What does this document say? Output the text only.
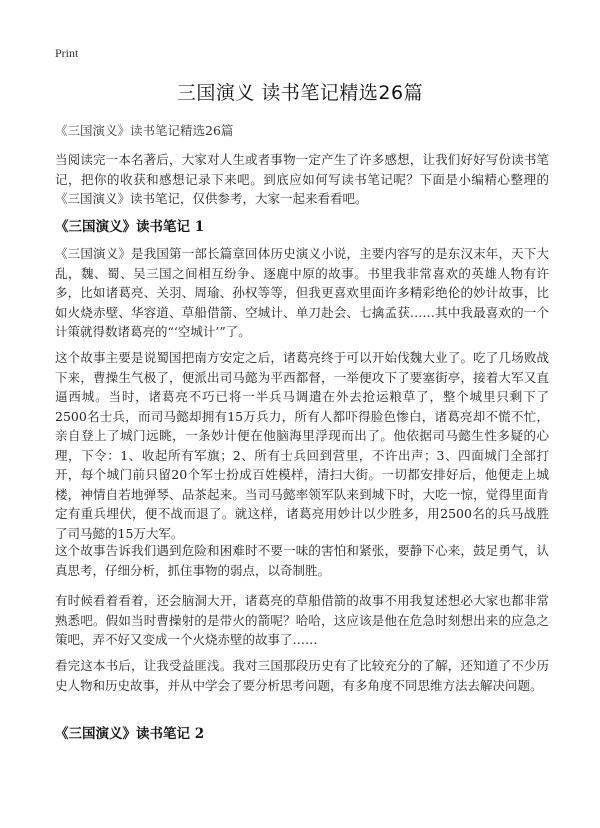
Print
三国演义 读书笔记精选26篇
《三国演义》读书笔记精选26篇

当阅读完一本名著后，大家对人生或者事物一定产生了许多感想，让我们好好写份读书笔记，把你的收获和感想记录下来吧。到底应如何写读书笔记呢？下面是小编精心整理的《三国演义》读书笔记，仅供参考，大家一起来看看吧。

《三国演义》读书笔记 1

《三国演义》是我国第一部长篇章回体历史演义小说，主要内容写的是东汉末年，天下大乱，魏、蜀、吴三国之间相互纷争、逐鹿中原的故事。书里我非常喜欢的英雄人物有许多，比如诸葛亮、关羽、周瑜、孙权等等，但我更喜欢里面许多精彩绝伦的妙计故事，比如火烧赤壁、华容道、草船借箭、空城计、单刀赴会、七擒孟获……其中我最喜欢的一个计策就得数诸葛亮的“‘空城计’”了。

这个故事主要是说蜀国把南方安定之后，诸葛亮终于可以开始伐魏大业了。吃了几场败战下来，曹操生气极了，便派出司马懿为平西都督，一举便攻下了要塞街亭，接着大军又直逼西城。当时，诸葛亮不巧已将一半兵马调遣在外去抢运粮草了，整个城里只剩下了2500名士兵，而司马懿却拥有15万兵力，所有人都吓得脸色惨白，诸葛亮却不慌不忙，亲自登上了城门远眺，一条妙计便在他脑海里浮现而出了。他依据司马懿生性多疑的心理，下令：1、收起所有军旗；2、所有士兵回到营里，不许出声；3、四面城门全部打开，每个城门前只留20个军士扮成百姓模样，清扫大街。一切都安排好后，他便走上城楼，神情自若地弹琴、品茶起来。当司马懿率领军队来到城下时，大吃一惊，觉得里面肯定有重兵埋伏，便不战而退了。就这样，诸葛亮用妙计以少胜多，用2500名的兵马战胜了司马懿的15万大军。

这个故事告诉我们遇到危险和困难时不要一味的害怕和紧张，要静下心来，鼓足勇气，认真思考，仔细分析，抓住事物的弱点，以奇制胜。

有时候看着看着，还会脑洞大开，诸葛亮的草船借箭的故事不用我复述想必大家也都非常熟悉吧。假如当时曹操射的是带火的箭呢？哈哈，这应该是他在危急时刻想出来的应急之策吧，弄不好又变成一个火烧赤壁的故事了……

看完这本书后，让我受益匪浅。我对三国那段历史有了比较充分的了解，还知道了不少历史人物和历史故事，并从中学会了要分析思考问题，有多角度不同思维方法去解决问题。

《三国演义》读书笔记 2
